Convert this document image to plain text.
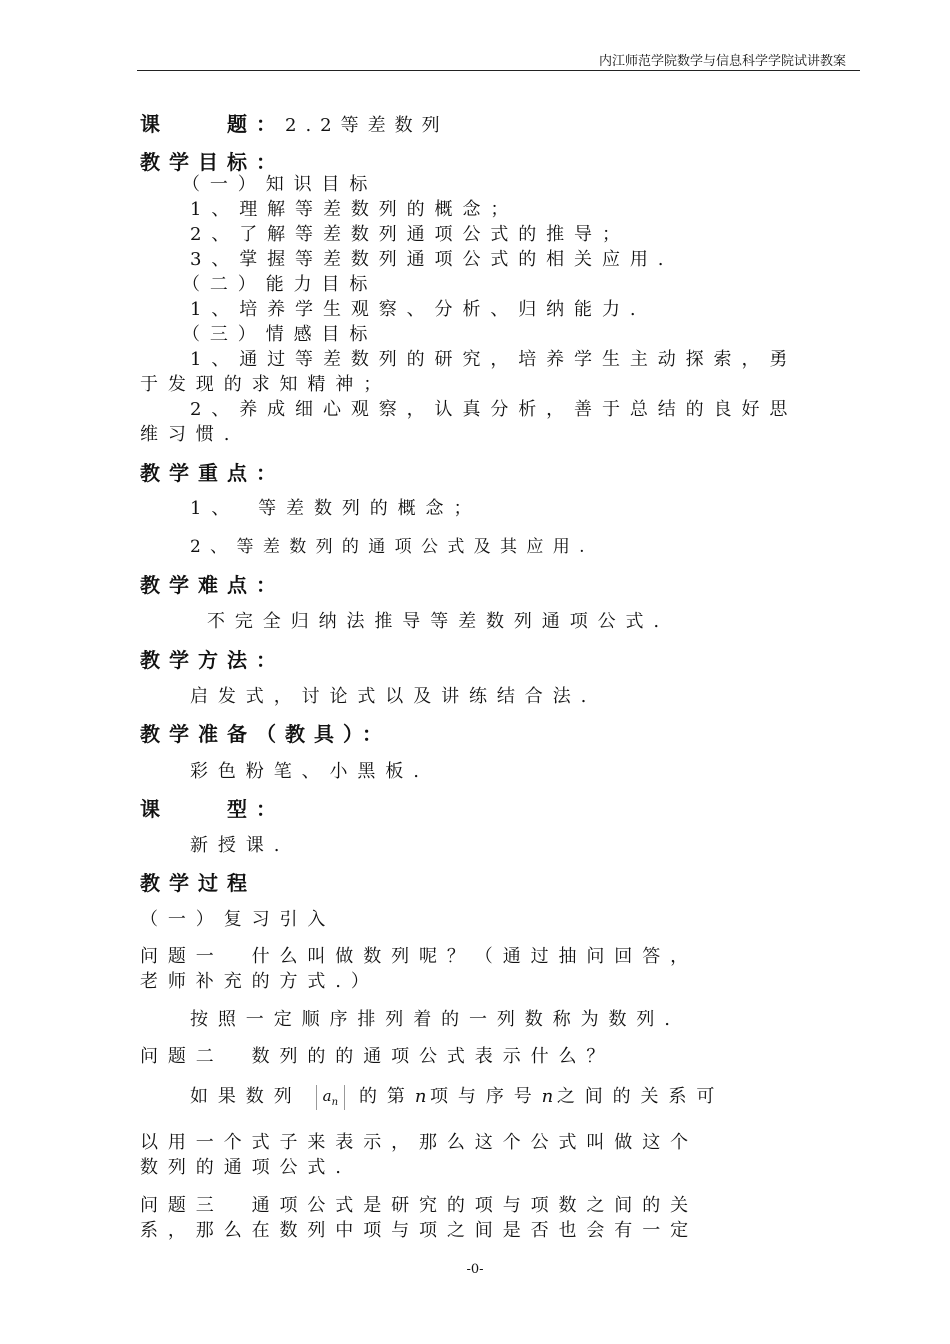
内江师范学院数学与信息科学学院试讲教案
课　　题：2.2等差数列
教学目标：
（一）知识目标
1、理解等差数列的概念；
2、了解等差数列通项公式的推导；
3、掌握等差数列通项公式的相关应用.
（二）能力目标
1、培养学生观察、分析、归纳能力.
（三）情感目标
1、通过等差数列的研究，培养学生主动探索，勇
于发现的求知精神；
2、养成细心观察，认真分析，善于总结的良好思
维习惯.
教学重点：
1、　等差数列的概念；
2、等差数列的通项公式及其应用.
教学难点：
不完全归纳法推导等差数列通项公式.
教学方法：
启发式，讨论式以及讲练结合法.
教学准备（教具）：
彩色粉笔、小黑板.
课　　型：
新授课.
教学过程
（一）复习引入
问题一　什么叫做数列呢？（通过抽问回答，
老师补充的方式.）
按照一定顺序排列着的一列数称为数列.
问题二　数列的的通项公式表示什么？
如果数列 $a_n$ 的第n项与序号n之间的关系可
以用一个式子来表示，那么这个公式叫做这个
数列的通项公式.
问题三　通项公式是研究的项与项数之间的关
系，那么在数列中项与项之间是否也会有一定
-0-
